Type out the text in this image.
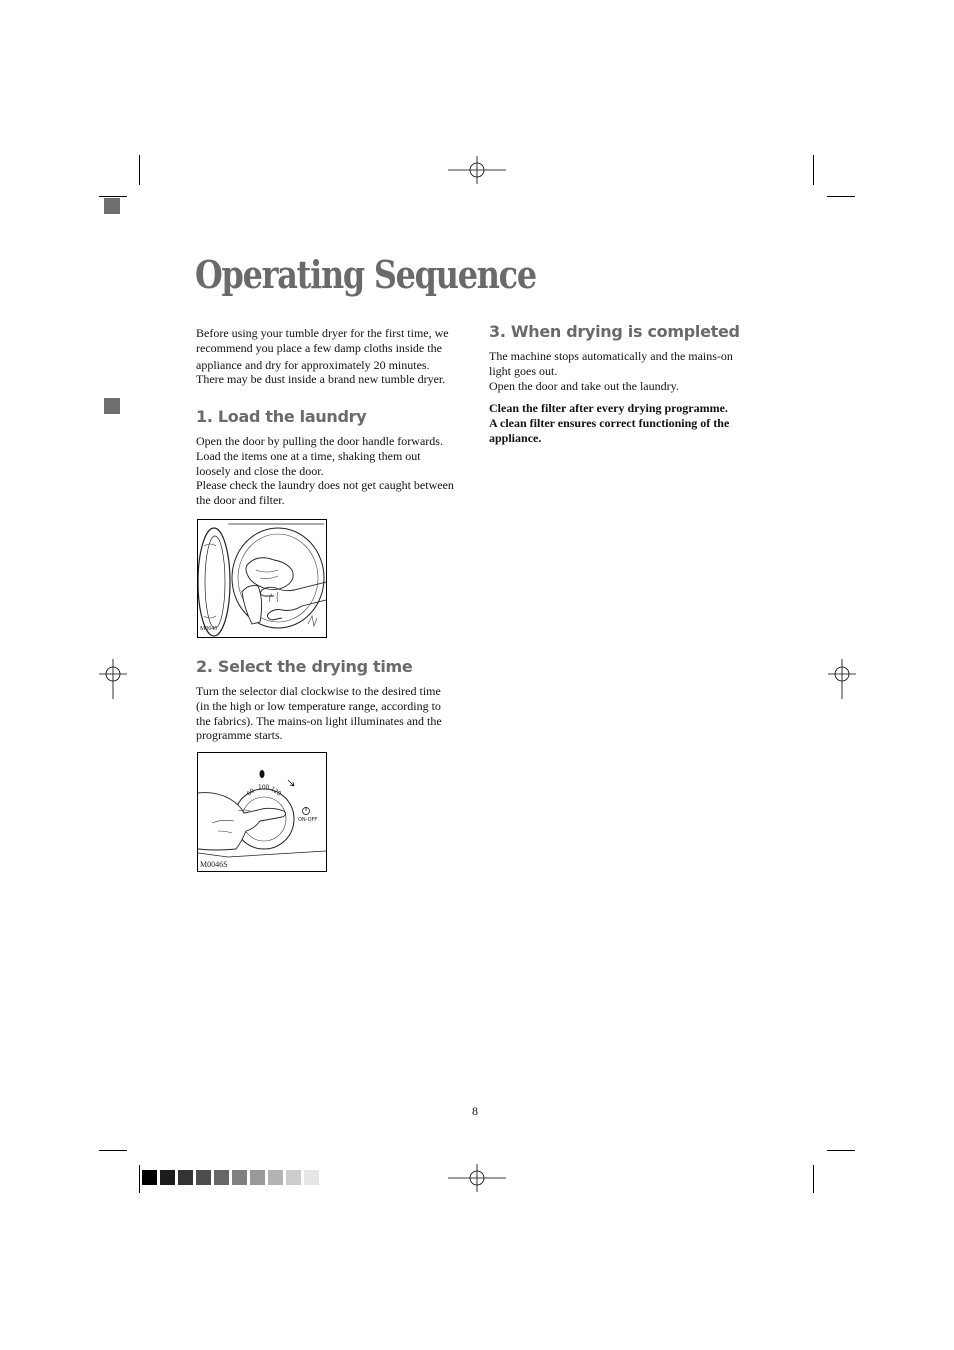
Operating Sequence
Before using your tumble dryer for the first time, we
recommend you place a few damp cloths inside the
appliance and dry for approximately 20 minutes.
There may be dust inside a brand new tumble dryer.
1. Load the laundry
Open the door by pulling the door handle forwards.
Load the items one at a time, shaking them out
loosely and close the door.
Please check the laundry does not get caught between
the door and filter.
M0045
2. Select the drying time
Turn the selector dial clockwise to the desired time
(in the high or low temperature range, according to
the fabrics). The mains-on light illuminates and the
programme starts.
60 100 120
ON-OFF
M0046S
3. When drying is completed
The machine stops automatically and the mains-on
light goes out.
Open the door and take out the laundry.
Clean the filter after every drying programme.
A clean filter ensures correct functioning of the
appliance.
8
